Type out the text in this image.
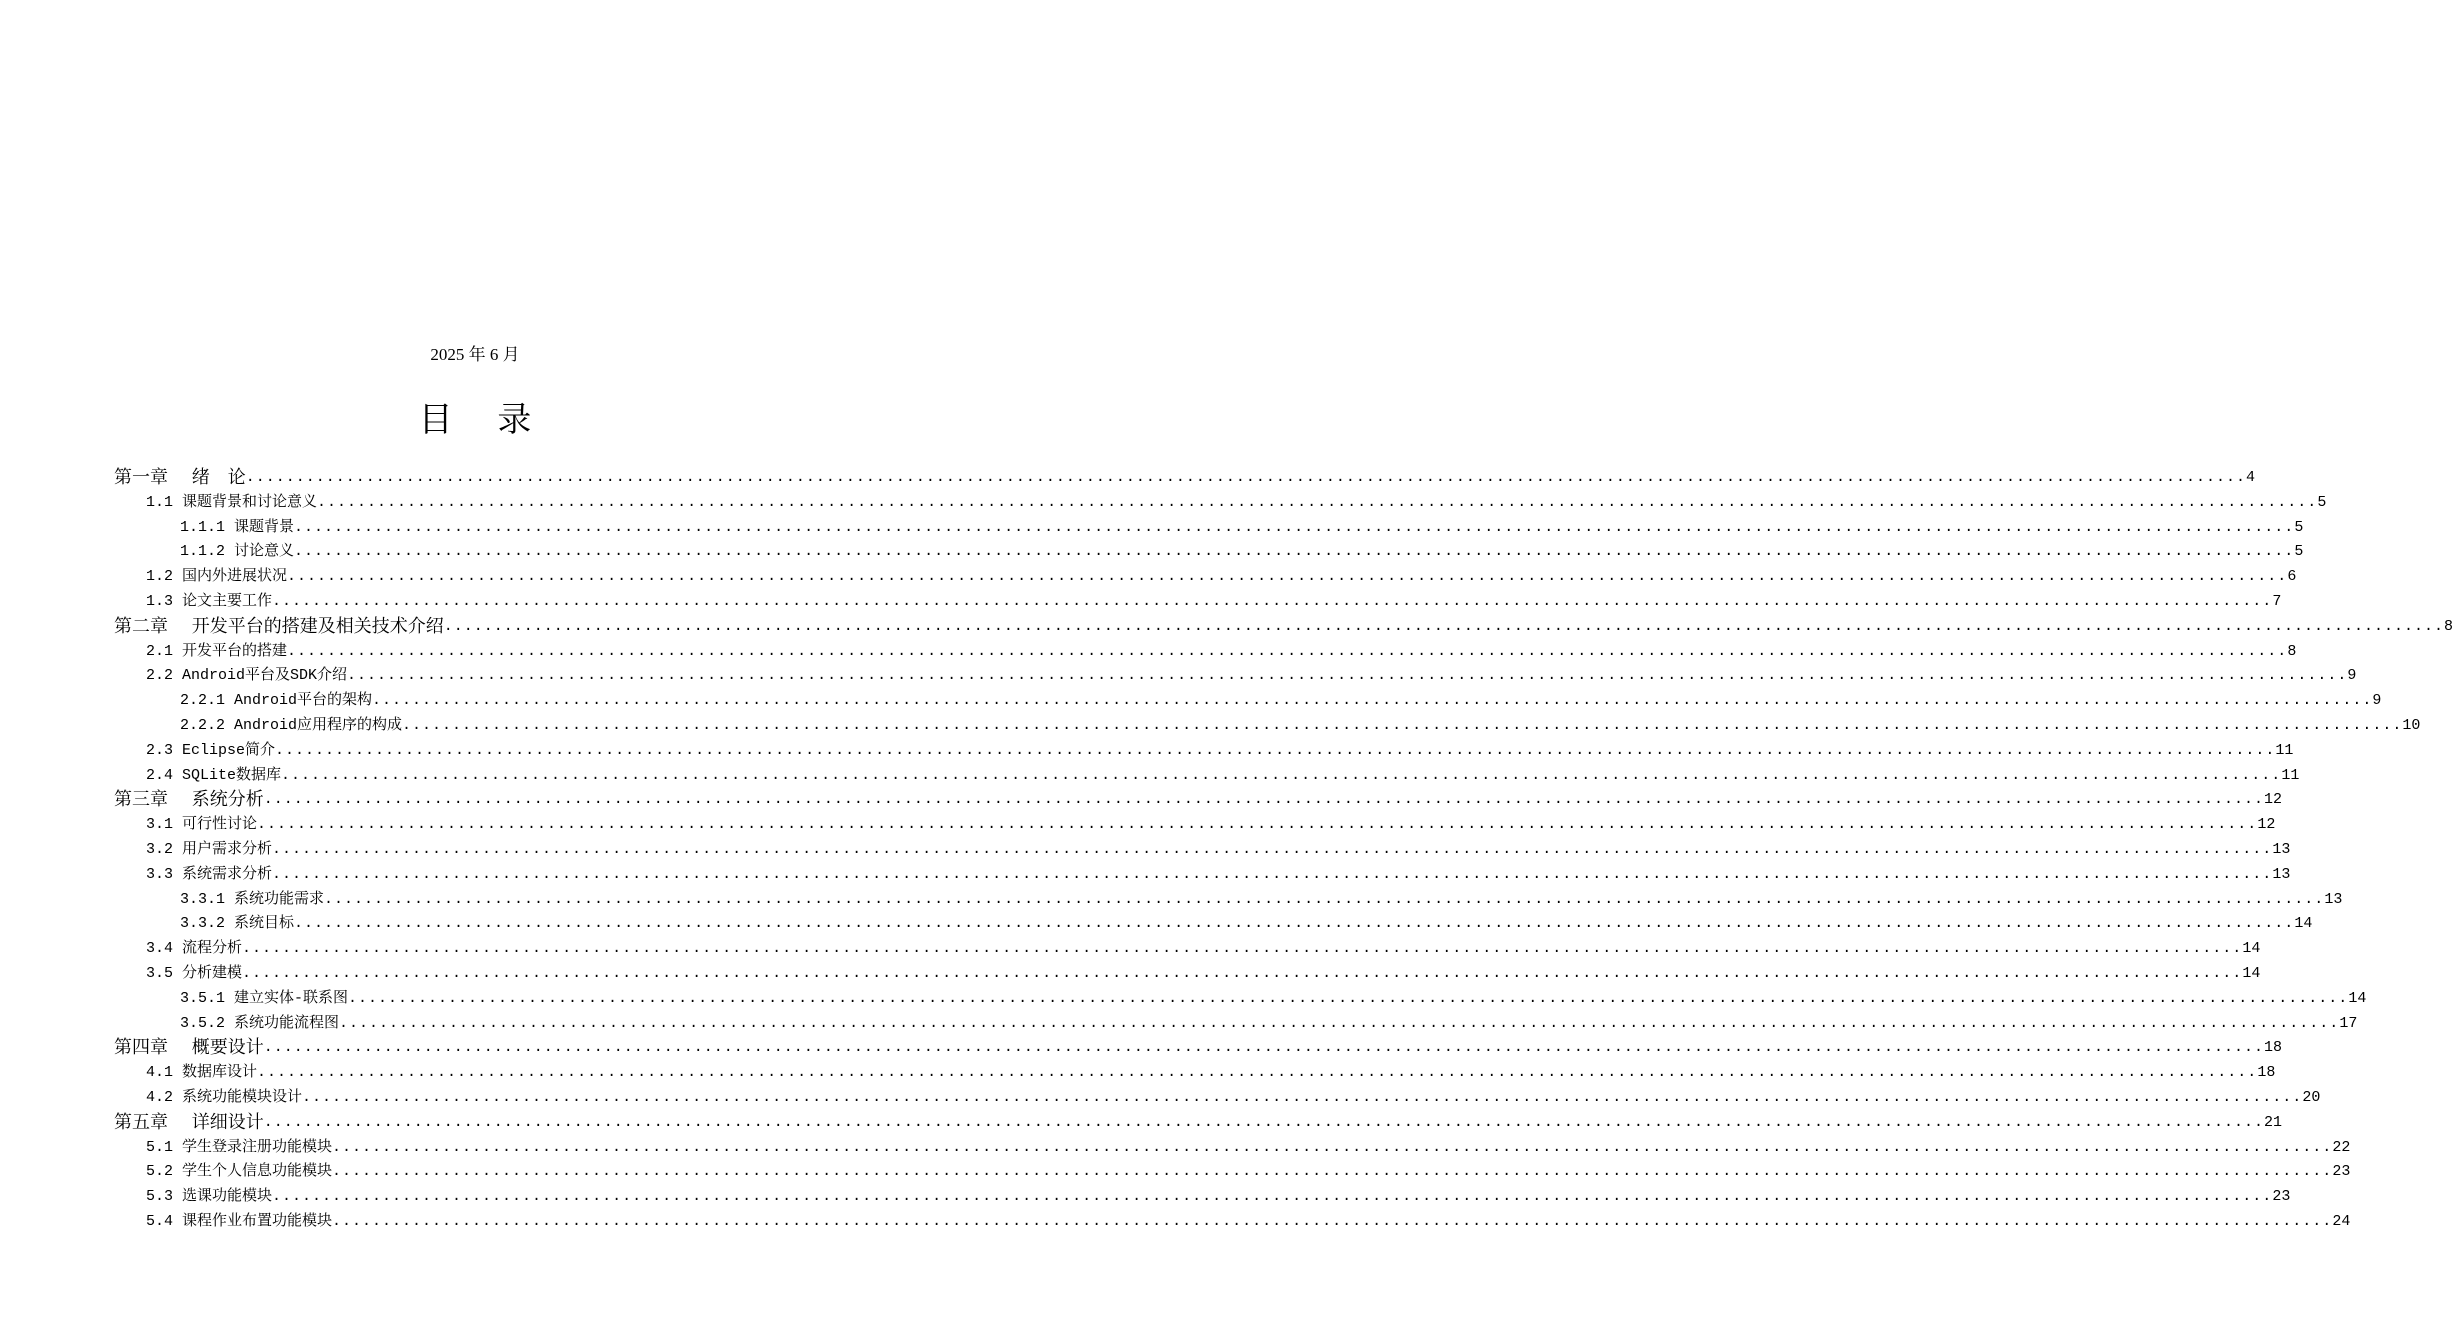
2025 年 6 月
目 录
第一章　 绪　论 ........................................................................................................................................................................................................ 4
1.1 课题背景和讨论意义 ........................................................................................................................................................................................................ 5
1.1.1 课题背景 ........................................................................................................................................................................................................ 5
1.1.2 讨论意义 ........................................................................................................................................................................................................ 5
1.2 国内外进展状况 ........................................................................................................................................................................................................ 6
1.3 论文主要工作 ........................................................................................................................................................................................................ 7
第二章　 开发平台的搭建及相关技术介绍 ........................................................................................................................................................................................................ 8
2.1 开发平台的搭建 ........................................................................................................................................................................................................ 8
2.2 Android平台及SDK介绍 ........................................................................................................................................................................................................ 9
2.2.1 Android平台的架构 ........................................................................................................................................................................................................ 9
2.2.2 Android应用程序的构成 ........................................................................................................................................................................................................ 10
2.3 Eclipse简介 ........................................................................................................................................................................................................ 11
2.4 SQLite数据库 ........................................................................................................................................................................................................ 11
第三章　 系统分析 ........................................................................................................................................................................................................ 12
3.1 可行性讨论 ........................................................................................................................................................................................................ 12
3.2 用户需求分析 ........................................................................................................................................................................................................ 13
3.3 系统需求分析 ........................................................................................................................................................................................................ 13
3.3.1 系统功能需求 ........................................................................................................................................................................................................ 13
3.3.2 系统目标 ........................................................................................................................................................................................................ 14
3.4 流程分析 ........................................................................................................................................................................................................ 14
3.5 分析建模 ........................................................................................................................................................................................................ 14
3.5.1 建立实体-联系图 ........................................................................................................................................................................................................ 14
3.5.2 系统功能流程图 ........................................................................................................................................................................................................ 17
第四章　 概要设计 ........................................................................................................................................................................................................ 18
4.1 数据库设计 ........................................................................................................................................................................................................ 18
4.2 系统功能模块设计 ........................................................................................................................................................................................................ 20
第五章　 详细设计 ........................................................................................................................................................................................................ 21
5.1 学生登录注册功能模块 ........................................................................................................................................................................................................ 22
5.2 学生个人信息功能模块 ........................................................................................................................................................................................................ 23
5.3 选课功能模块 ........................................................................................................................................................................................................ 23
5.4 课程作业布置功能模块 ........................................................................................................................................................................................................ 24
